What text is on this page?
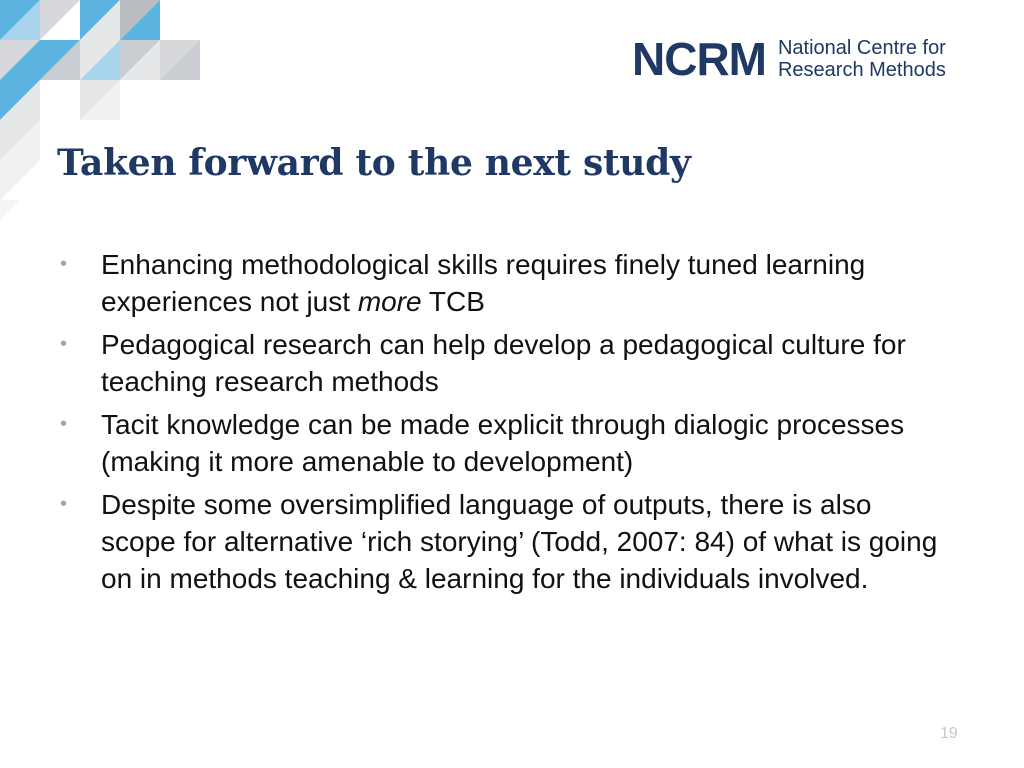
NCRM National Centre for
Research Methods
Taken forward to the next study
• Enhancing methodological skills requires finely tuned learning experiences not just more TCB
• Pedagogical research can help develop a pedagogical culture for teaching research methods
• Tacit knowledge can be made explicit through dialogic processes (making it more amenable to development)
• Despite some oversimplified language of outputs, there is also scope for alternative ‘rich storying’ (Todd, 2007: 84) of what is going on in methods teaching & learning for the individuals involved.
19
